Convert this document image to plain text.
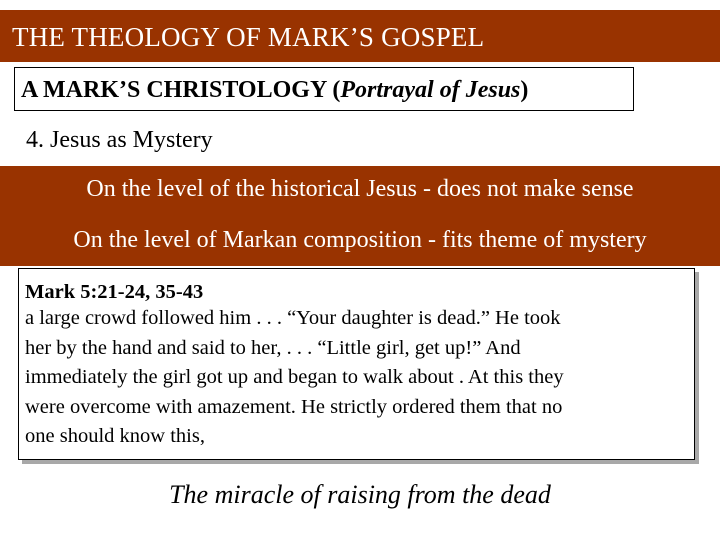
THE THEOLOGY OF MARK’S GOSPEL
A MARK’S CHRISTOLOGY (Portrayal of Jesus)
4. Jesus as Mystery
On the level of the historical Jesus - does not make sense
On the level of Markan composition - fits theme of mystery
Mark 5:21-24, 35-43
a large crowd followed him . . . “Your daughter is dead.” He took
her by the hand and said to her, . . . “Little girl, get up!” And
immediately the girl got up and began to walk about . At this they
were overcome with amazement. He strictly ordered them that no
one should know this,
The miracle of raising from the dead
